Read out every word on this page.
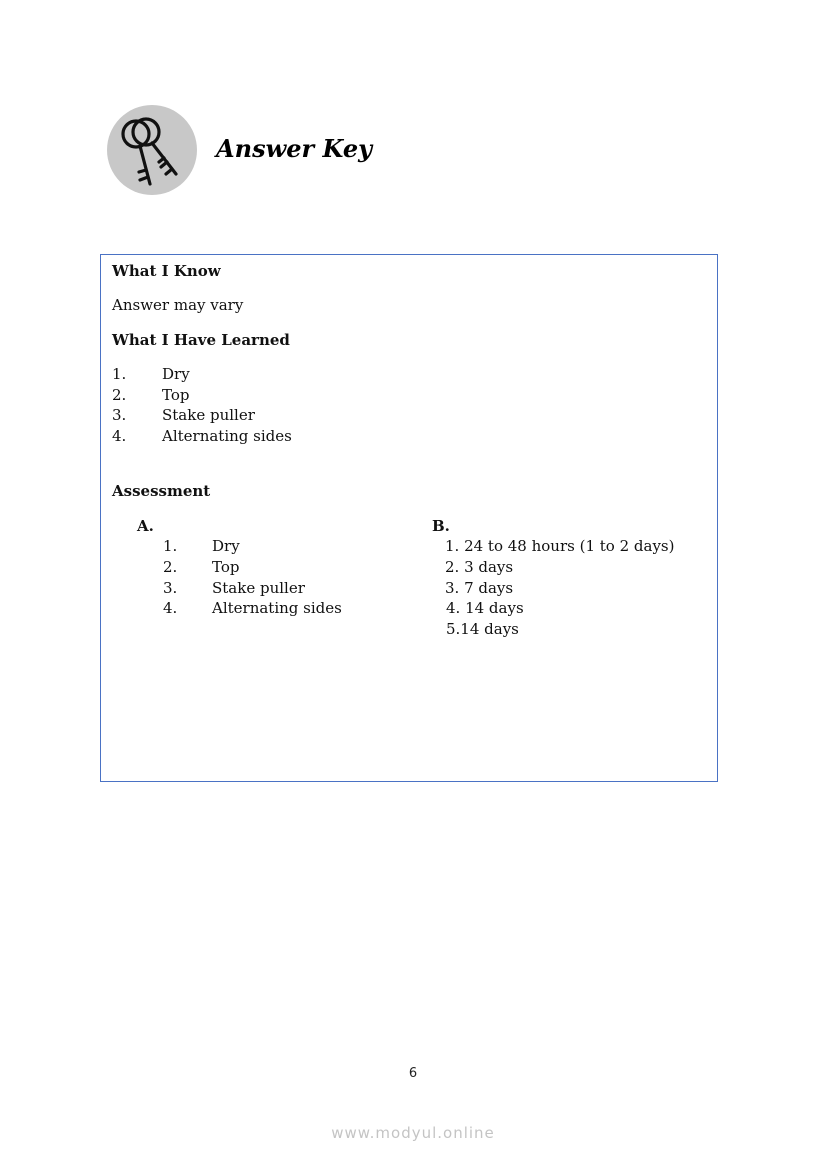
Answer Key
What I Know
Answer may vary
What I Have Learned
1. Dry
2. Top
3. Stake puller
4. Alternating sides
Assessment
A.
1. Dry
2. Top
3. Stake puller
4. Alternating sides
B.
1. 24 to 48 hours (1 to 2 days)
2. 3 days
3. 7 days
4. 14 days
5.14 days
6
www.modyul.online
